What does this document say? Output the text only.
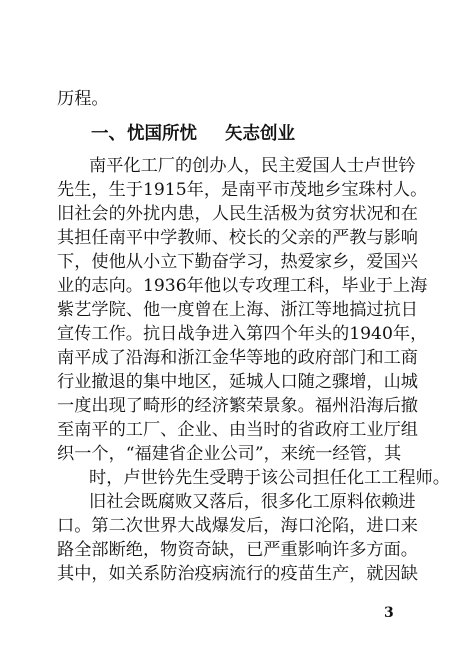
历程。
一、 忧国所忧 矢志创业
南平化工厂的创办人，民主爱国人士卢世钤
先生，生于1915年，是南平市茂地乡宝珠村人。
旧社会的外扰内患，人民生活极为贫穷状况和在
其担任南平中学教师、校长的父亲的严教与影响
下，使他从小立下勤奋学习，热爱家乡，爱国兴
业的志向。1936年他以专攻理工科，毕业于上海
紫艺学院、他一度曾在上海、浙江等地搞过抗日
宣传工作。抗日战争进入第四个年头的1940年，
南平成了沿海和浙江金华等地的政府部门和工商
行业撤退的集中地区，延城人口随之骤增，山城
一度出现了畸形的经济繁荣景象。福州沿海后撤
至南平的工厂、企业、由当时的省政府工业厅组
织一个，“福建省企业公司”，来统一经管，其
时，卢世钤先生受聘于该公司担任化工工程师。
旧社会既腐败又落后，很多化工原料依赖进
口。第二次世界大战爆发后，海口沦陷，进口来
路全部断绝，物资奇缺，已严重影响许多方面。
其中，如关系防治疫病流行的疫苗生产，就因缺
3
